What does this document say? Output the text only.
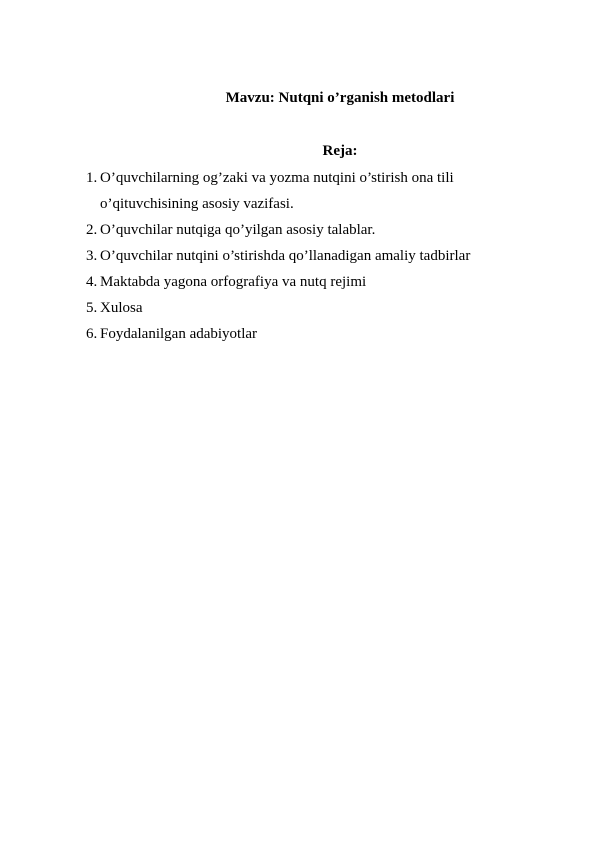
Mavzu: Nutqni o’rganish metodlari
Reja:
1. O’quvchilarning og’zaki va yozma nutqini o’stirish ona tili
o’qituvchisining asosiy vazifasi.
2. O’quvchilar nutqiga qo’yilgan asosiy talablar.
3. O’quvchilar nutqini o’stirishda qo’llanadigan amaliy tadbirlar
4. Maktabda yagona orfografiya va nutq rejimi
5. Xulosa
6. Foydalanilgan adabiyotlar
